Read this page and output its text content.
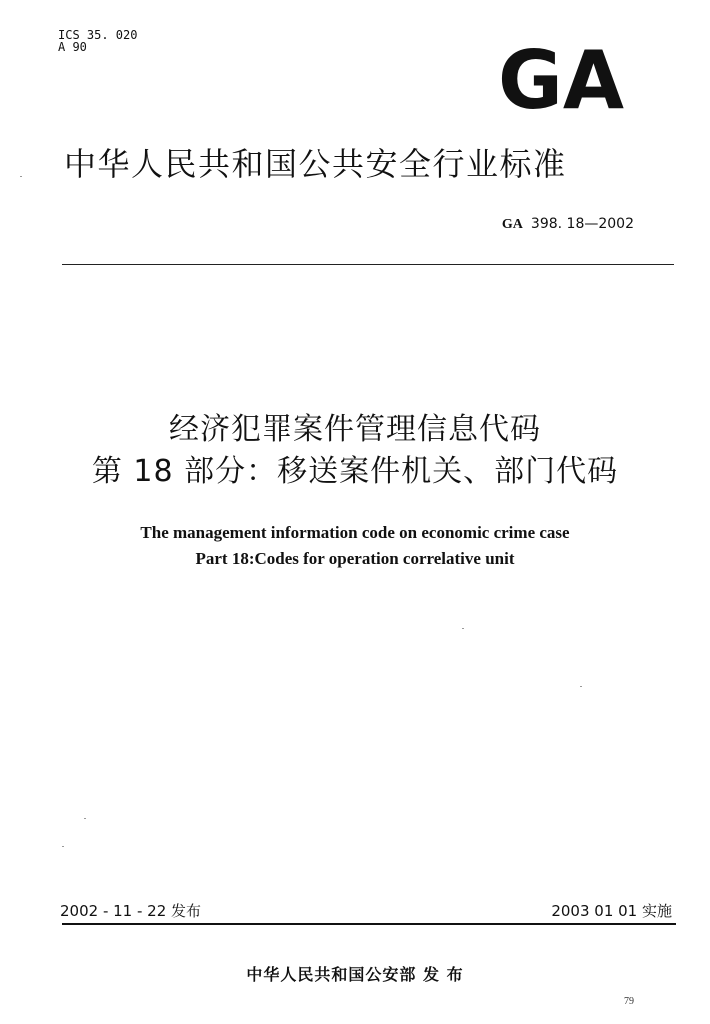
ICS 35. 020
A 90	GA
中华人民共和国公共安全行业标准
GA 398. 18—2002
经济犯罪案件管理信息代码
第 18 部分：移送案件机关、部门代码
The management information code on economic crime case
Part 18:Codes for operation correlative unit
2002 - 11 - 22 发布	2003 01 01 实施
中华人民共和国公安部 发 布
79
